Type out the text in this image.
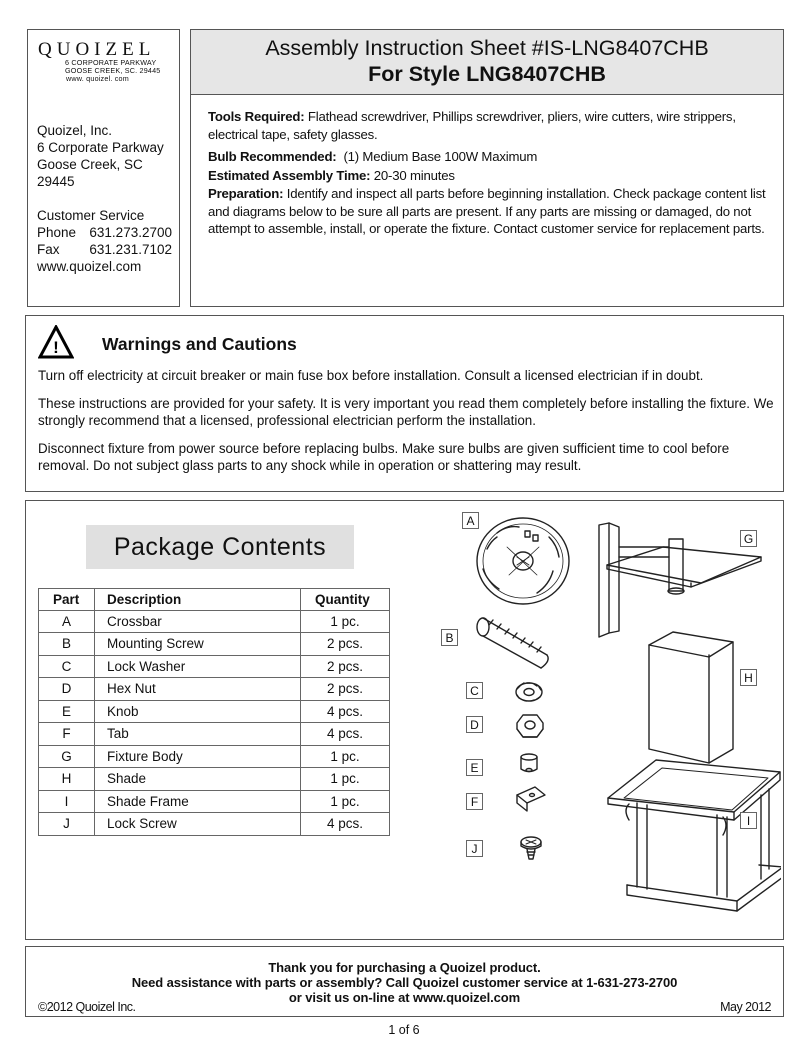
QUOIZEL
6 CORPORATE PARKWAY
GOOSE CREEK, SC. 29445
www. quoizel. com
Quoizel, Inc.
6 Corporate Parkway
Goose Creek, SC
29445
Customer Service
Phone 631.273.2700
Fax 631.231.7102
www.quoizel.com
Assembly Instruction Sheet #IS-LNG8407CHB
For Style LNG8407CHB

Tools Required: Flathead screwdriver, Phillips screwdriver, pliers, wire cutters, wire strippers, electrical tape, safety glasses.

Bulb Recommended: (1) Medium Base 100W Maximum

Estimated Assembly Time: 20-30 minutes

Preparation: Identify and inspect all parts before beginning installation. Check package content list and diagrams below to be sure all parts are present. If any parts are missing or damaged, do not attempt to assemble, install, or operate the fixture. Contact customer service for replacement parts.

! Warnings and Cautions
Turn off electricity at circuit breaker or main fuse box before installation. Consult a licensed electrician if in doubt.
These instructions are provided for your safety. It is very important you read them completely before installing the fixture. We strongly recommend that a licensed, professional electrician perform the installation.
Disconnect fixture from power source before replacing bulbs. Make sure bulbs are given sufficient time to cool before removal. Do not subject glass parts to any shock while in operation or shattering may result.
Package Contents
Part	Description	Quantity
A	Crossbar	1 pc.
B	Mounting Screw	2 pcs.
C	Lock Washer	2 pcs.
D	Hex Nut	2 pcs.
E	Knob	4 pcs.
F	Tab	4 pcs.
G	Fixture Body	1 pc.
H	Shade	1 pc.
I	Shade Frame	1 pc.
J	Lock Screw	4 pcs.
A
B
C
D
E
F
G
H
I
J
Thank you for purchasing a Quoizel product.
Need assistance with parts or assembly? Call Quoizel customer service at 1-631-273-2700
or visit us on-line at www.quoizel.com
©2012 Quoizel Inc.	May 2012
1 of 6
